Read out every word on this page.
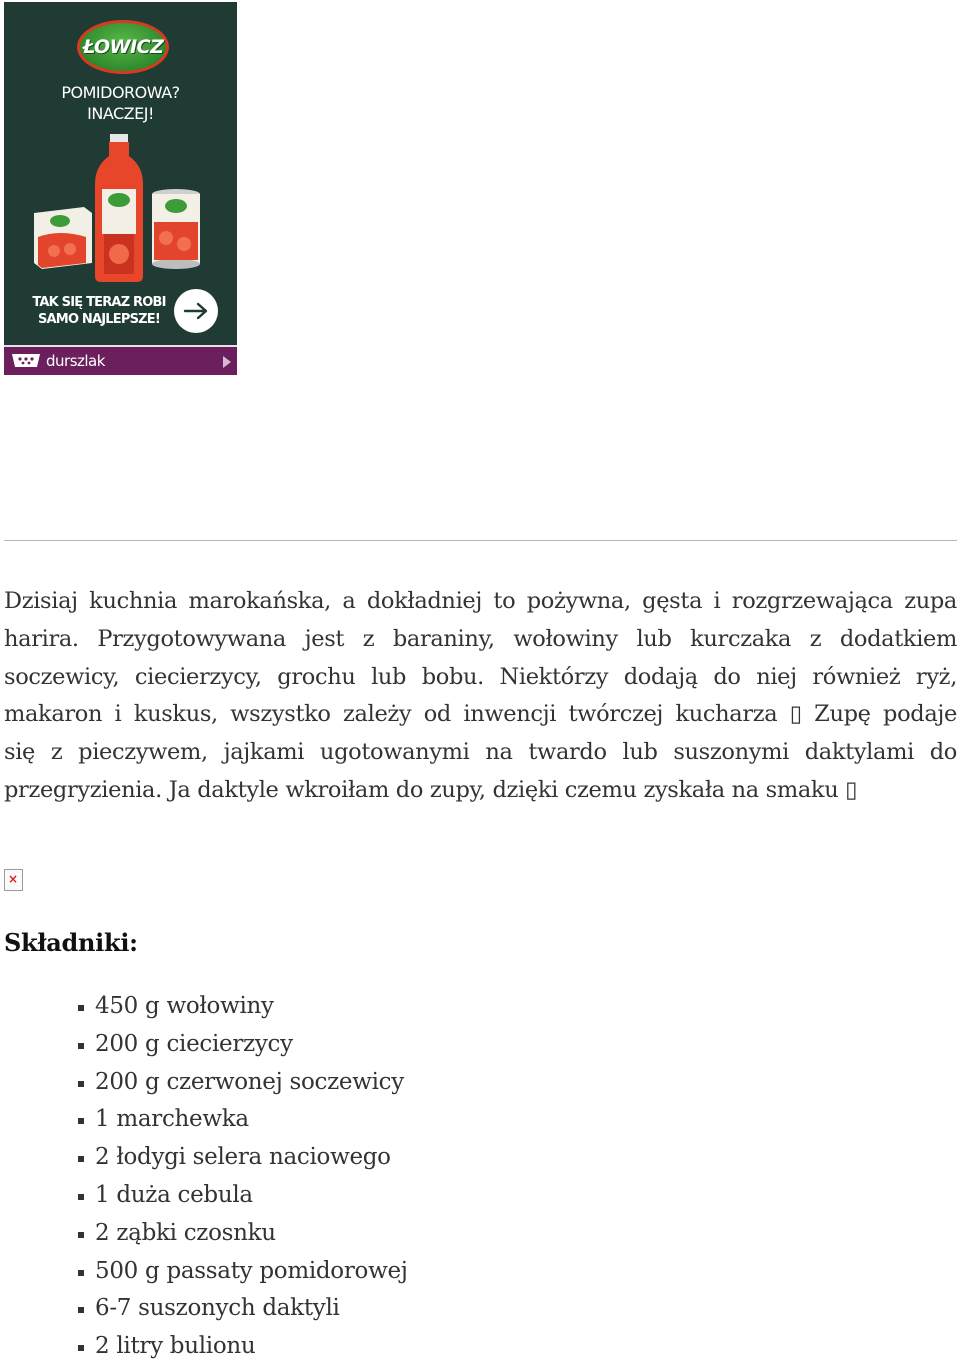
ŁOWICZ
POMIDOROWA?
INACZEJ!
TAK SIĘ TERAZ ROBI
SAMO NAJLEPSZE!
durszlak

Dzisiaj kuchnia marokańska, a dokładniej to pożywna, gęsta i rozgrzewająca zupa
harira. Przygotowywana jest z baraniny, wołowiny lub kurczaka z dodatkiem
soczewicy, ciecierzycy, grochu lub bobu. Niektórzy dodają do niej również ryż,
makaron i kuskus, wszystko zależy od inwencji twórczej kucharza ▯ Zupę podaje
się z pieczywem, jajkami ugotowanymi na twardo lub suszonymi daktylami do
przegryzienia. Ja daktyle wkroiłam do zupy, dzięki czemu zyskała na smaku ▯

×
Składniki:
450 g wołowiny
200 g ciecierzycy
200 g czerwonej soczewicy
1 marchewka
2 łodygi selera naciowego
1 duża cebula
2 ząbki czosnku
500 g passaty pomidorowej
6-7 suszonych daktyli
2 litry bulionu
